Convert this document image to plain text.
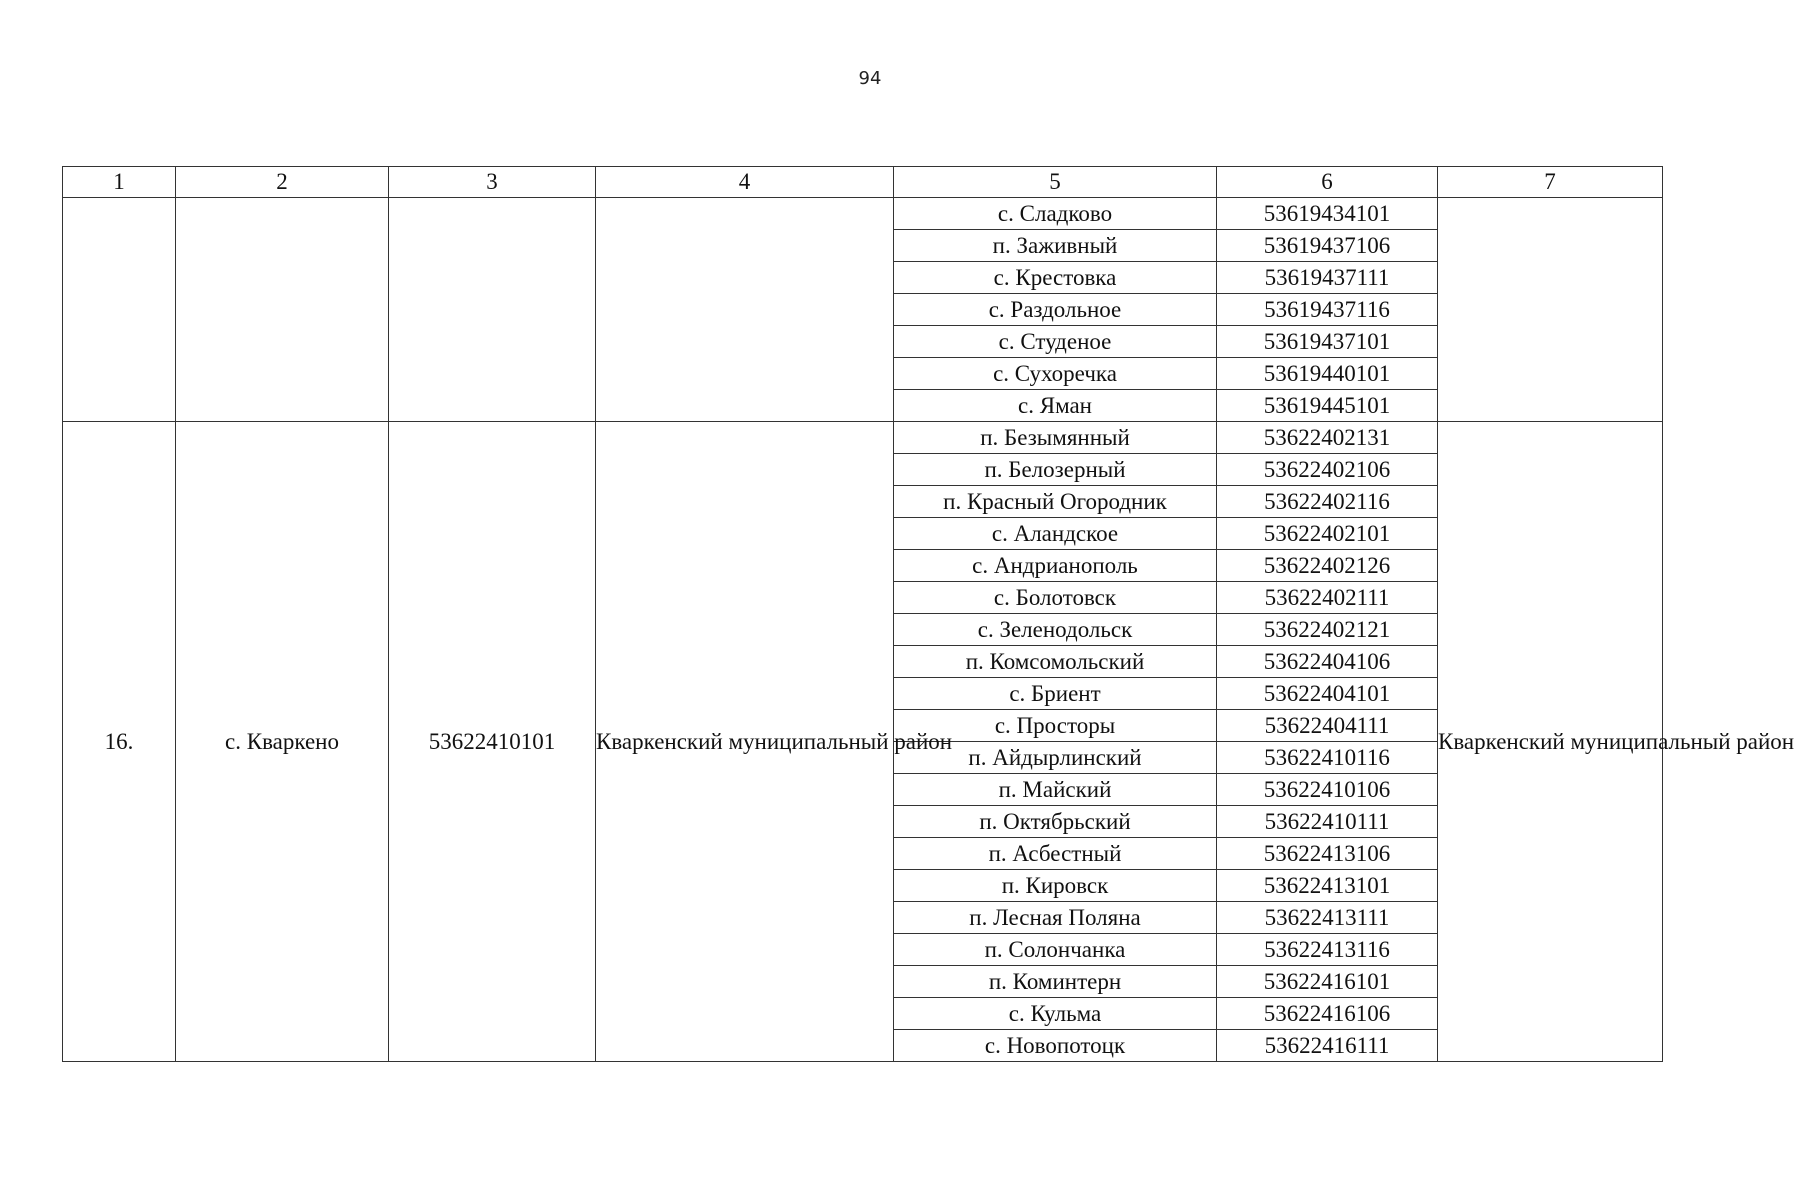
94
1	2	3	4	5	6	7
				с. Сладково	53619434101	
				п. Заживный	53619437106	
				с. Крестовка	53619437111	
				с. Раздольное	53619437116	
				с. Студеное	53619437101	
				с. Сухоречка	53619440101	
				с. Яман	53619445101	
16.	с. Кваркено	53622410101	Кваркенский муниципальный район	п. Безымянный	53622402131	Кваркенский муниципальный район
				п. Белозерный	53622402106	
				п. Красный Огородник	53622402116	
				с. Аландское	53622402101	
				с. Андрианополь	53622402126	
				с. Болотовск	53622402111	
				с. Зеленодольск	53622402121	
				п. Комсомольский	53622404106	
				с. Бриент	53622404101	
				с. Просторы	53622404111	
				п. Айдырлинский	53622410116	
				п. Майский	53622410106	
				п. Октябрьский	53622410111	
				п. Асбестный	53622413106	
				п. Кировск	53622413101	
				п. Лесная Поляна	53622413111	
				п. Солончанка	53622413116	
				п. Коминтерн	53622416101	
				с. Кульма	53622416106	
				с. Новопотоцк	53622416111	
